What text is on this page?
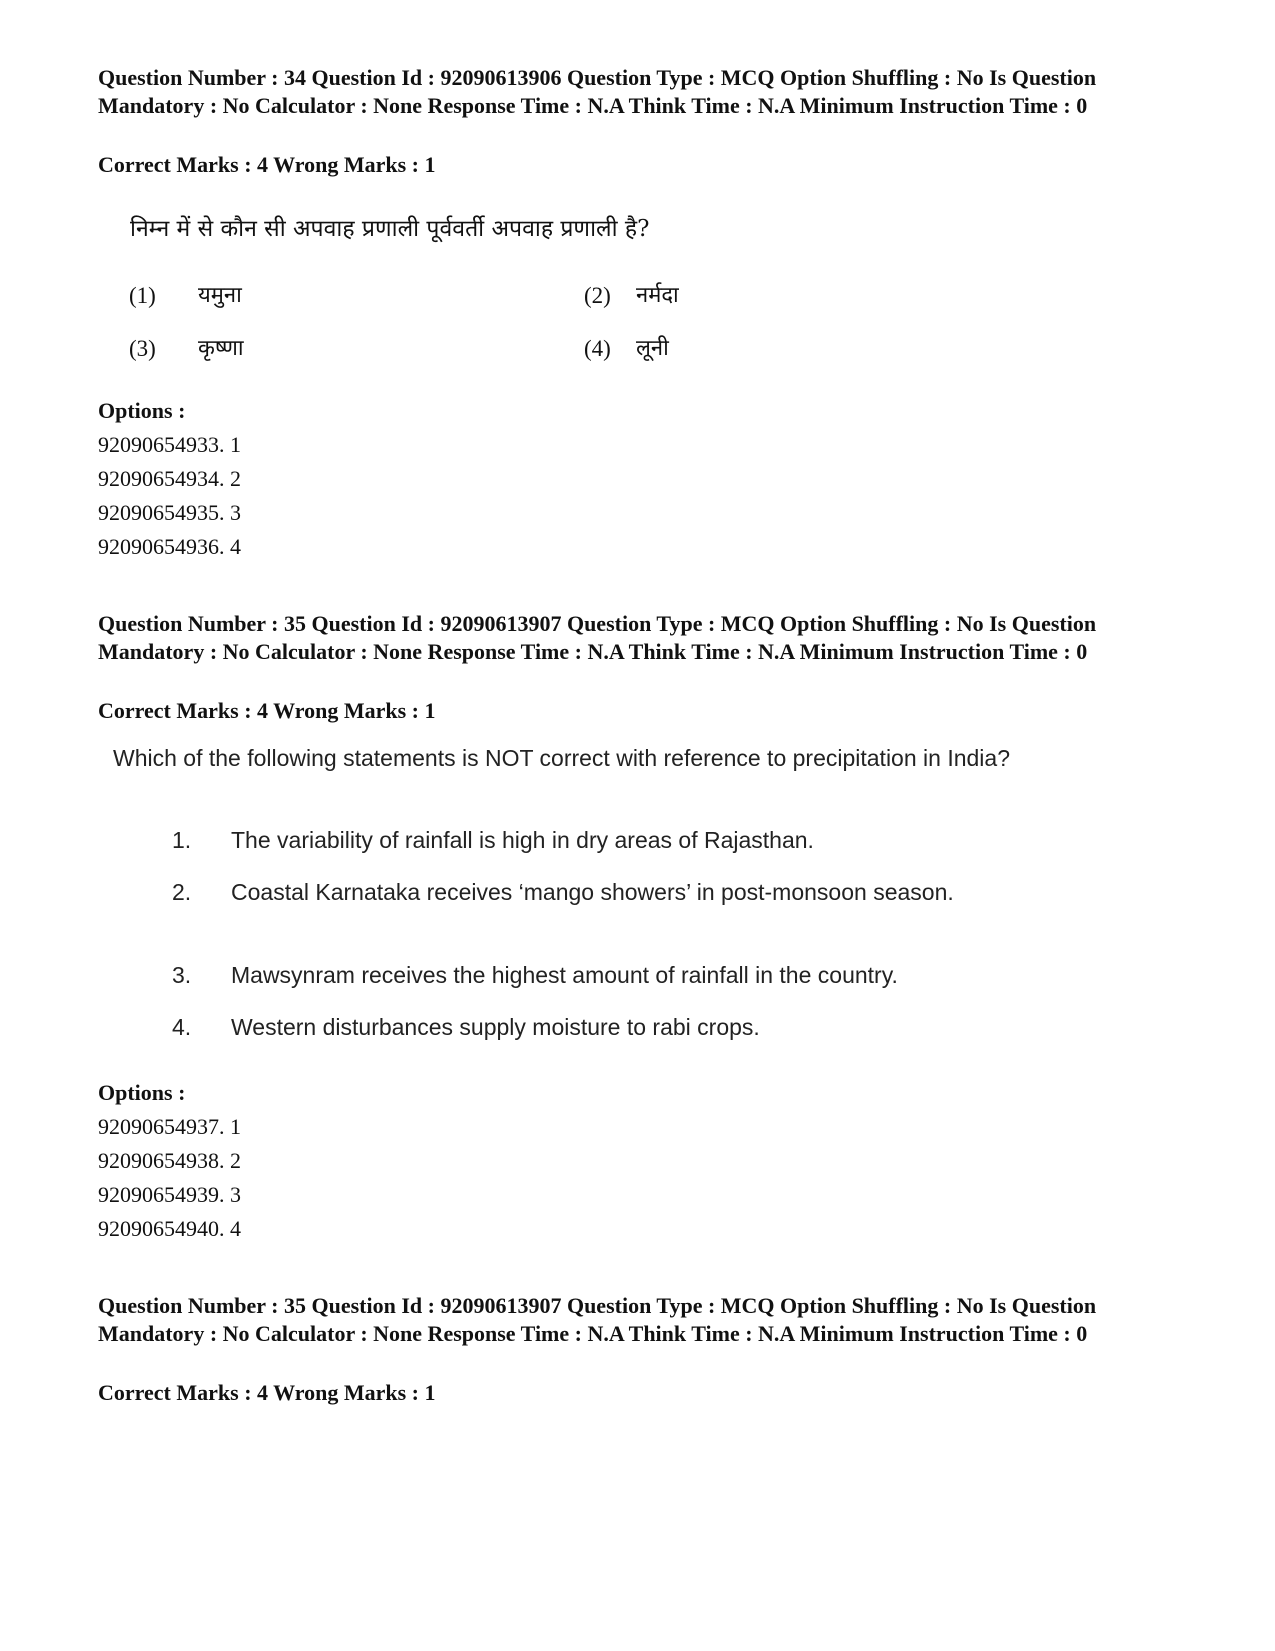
Question Number : 34 Question Id : 92090613906 Question Type : MCQ Option Shuffling : No Is Question Mandatory : No Calculator : None Response Time : N.A Think Time : N.A Minimum Instruction Time : 0

Correct Marks : 4 Wrong Marks : 1

निम्न में से कौन सी अपवाह प्रणाली पूर्ववर्ती अपवाह प्रणाली है?
(1) यमुना	(2) नर्मदा
(3) कृष्णा	(4) लूनी

Options :

92090654933. 1
92090654934. 2
92090654935. 3
92090654936. 4

Question Number : 35 Question Id : 92090613907 Question Type : MCQ Option Shuffling : No Is Question Mandatory : No Calculator : None Response Time : N.A Think Time : N.A Minimum Instruction Time : 0

Correct Marks : 4 Wrong Marks : 1

Which of the following statements is NOT correct with reference to precipitation in India?
1. The variability of rainfall is high in dry areas of Rajasthan.
2. Coastal Karnataka receives ‘mango showers’ in post-monsoon season.
3. Mawsynram receives the highest amount of rainfall in the country.
4. Western disturbances supply moisture to rabi crops.

Options :

92090654937. 1
92090654938. 2
92090654939. 3
92090654940. 4

Question Number : 35 Question Id : 92090613907 Question Type : MCQ Option Shuffling : No Is Question Mandatory : No Calculator : None Response Time : N.A Think Time : N.A Minimum Instruction Time : 0

Correct Marks : 4 Wrong Marks : 1
